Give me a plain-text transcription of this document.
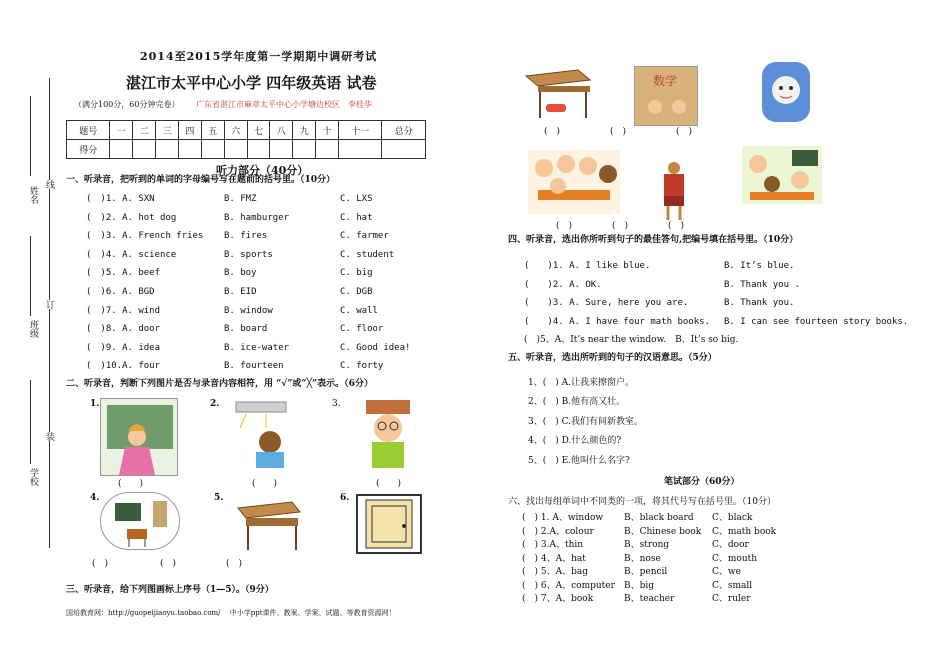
线
订
装
姓名
班级
学校
2014至2015学年度第一学期期中调研考试
湛江市太平中心小学 四年级英语 试卷
（满分100分，60分钟完卷） 广东省湛江市麻章太平中心小学塘边校区　李桂华
题号	一	二	三	四	五	六	七	八	九	十	十一	总分
得分												
听力部分（40分）
一、听录音，把听到的单词的字母编号写在题前的括号里。（10分）
(　)1. A. SXN	B. FMZ	C. LXS
(　)2. A. hot dog	B. hamburger	C. hat
(　)3. A. French fries B. fires	C. farmer
(　)4. A. science	B. sports	C. student
(　)5. A. beef	B. boy	C. big
(　)6. A. BGD	B. EID	C. DGB
(　)7. A. wind	B. window	C. wall
(　)8. A. door	B. board	C. floor
(　)9. A. idea	B. ice-water	C. Good idea!
(　)10.A. four	B. fourteen	C. forty
二、听录音，判断下列图片是否与录音内容相符，用 “√”或“╳”表示。（6分）
1.
(　　)
2.
(　　)
3.
(　　)
4.
(　)
5.
(　)
6.
(　)
三、听录音，给下列图画标上序号（1—5）。（9分）
国培教育网：http://guopeijiaoyu.taobao.com/　 中小学ppt课件、教案、学案、试题、等教育资源网！
数学
(　)	(　)	(　)
(　)	(　)	(　)
四、听录音，选出你所听到句子的最佳答句,把编号填在括号里。（10分）
(　　)1. A. I like blue.	B. It’s blue.
(　　)2. A. OK.	B. Thank you .
(　　)3. A. Sure, here you are.	B. Thank you.
(　　)4. A. I have four math books. B. I can see fourteen story books.
(　)5、A、It’s near the window.　B、It’s so big.
五、听录音，选出所听到的句子的汉语意思。（5分）
1、(　) A.让我来擦窗户。
2、(　) B.他有高又壮。
3、(　) C.我们有间新教室。
4、(　) D.什么颜色的?
5、(　) E.他叫什么名字?
笔试部分（60分）
六、找出每组单词中不同类的一项，将其代号写在括号里。（10分）
(　) 1. A、window B、black board C、black
(　) 2.A、colour	B、Chinese book C、math book
(　) 3.A、thin	B、strong	C、door
(　) 4、A、hat	B、nose	C、mouth
(　) 5、A、bag	B、pencil	C、we
(　) 6、A、computer B、big	C、small
(　) 7、A、book	B、teacher	C、ruler
